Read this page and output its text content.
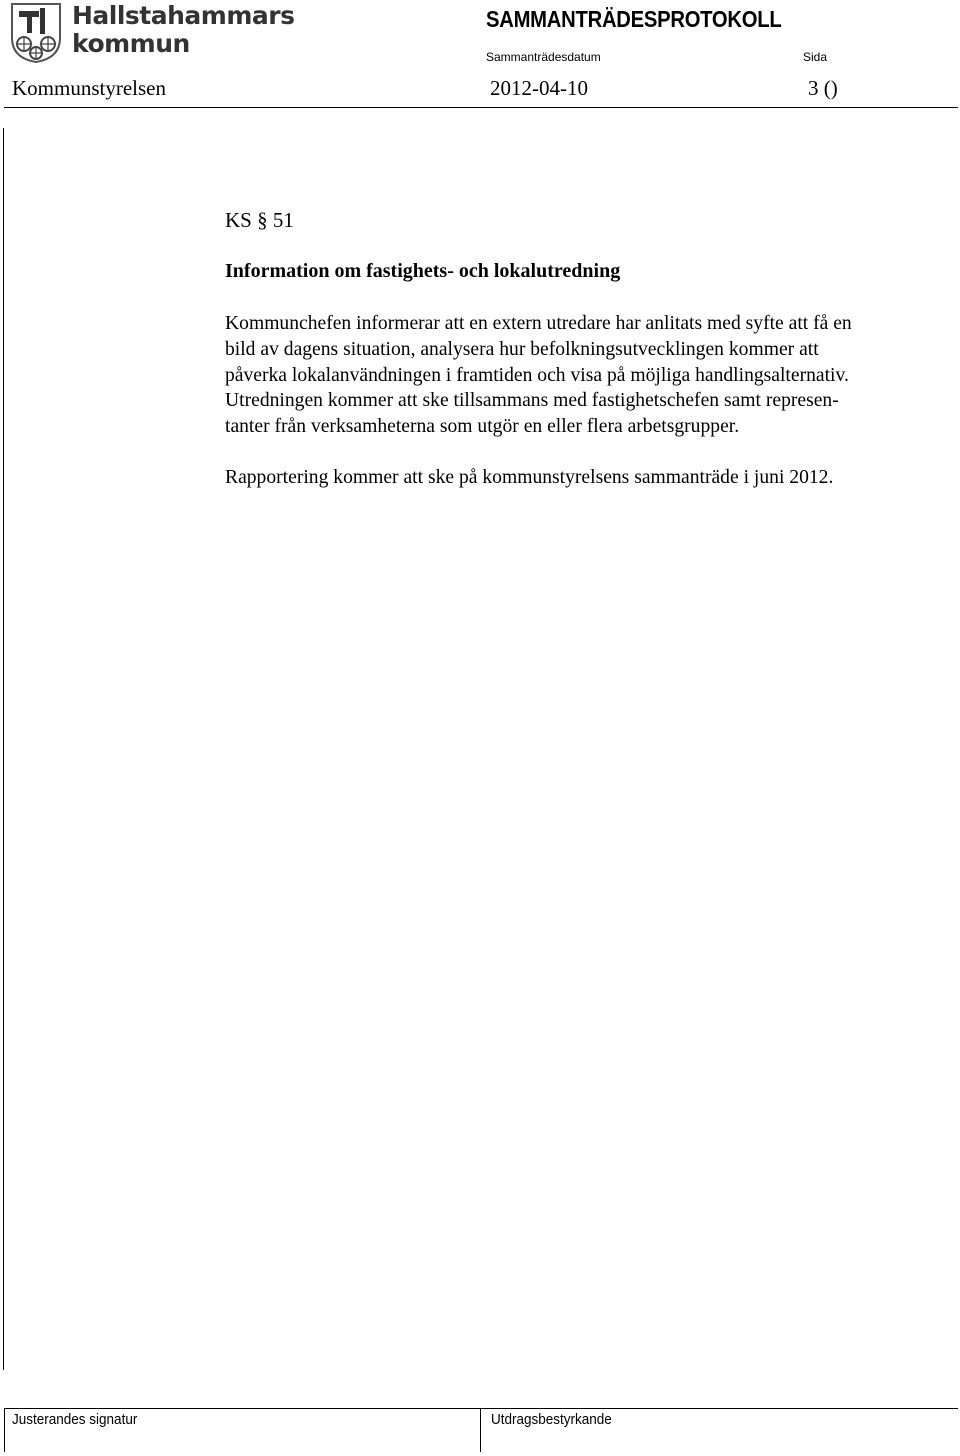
Hallstahammars
kommun
SAMMANTRÄDESPROTOKOLL
Sammanträdesdatum	Sida
Kommunstyrelsen	2012-04-10	3 ()
KS § 51
Information om fastighets- och lokalutredning
Kommunchefen informerar att en extern utredare har anlitats med syfte att få en
bild av dagens situation, analysera hur befolkningsutvecklingen kommer att
påverka lokalanvändningen i framtiden och visa på möjliga handlingsalternativ.
Utredningen kommer att ske tillsammans med fastighetschefen samt represen-
tanter från verksamheterna som utgör en eller flera arbetsgrupper.
Rapportering kommer att ske på kommunstyrelsens sammanträde i juni 2012.
Justerandes signatur	Utdragsbestyrkande
